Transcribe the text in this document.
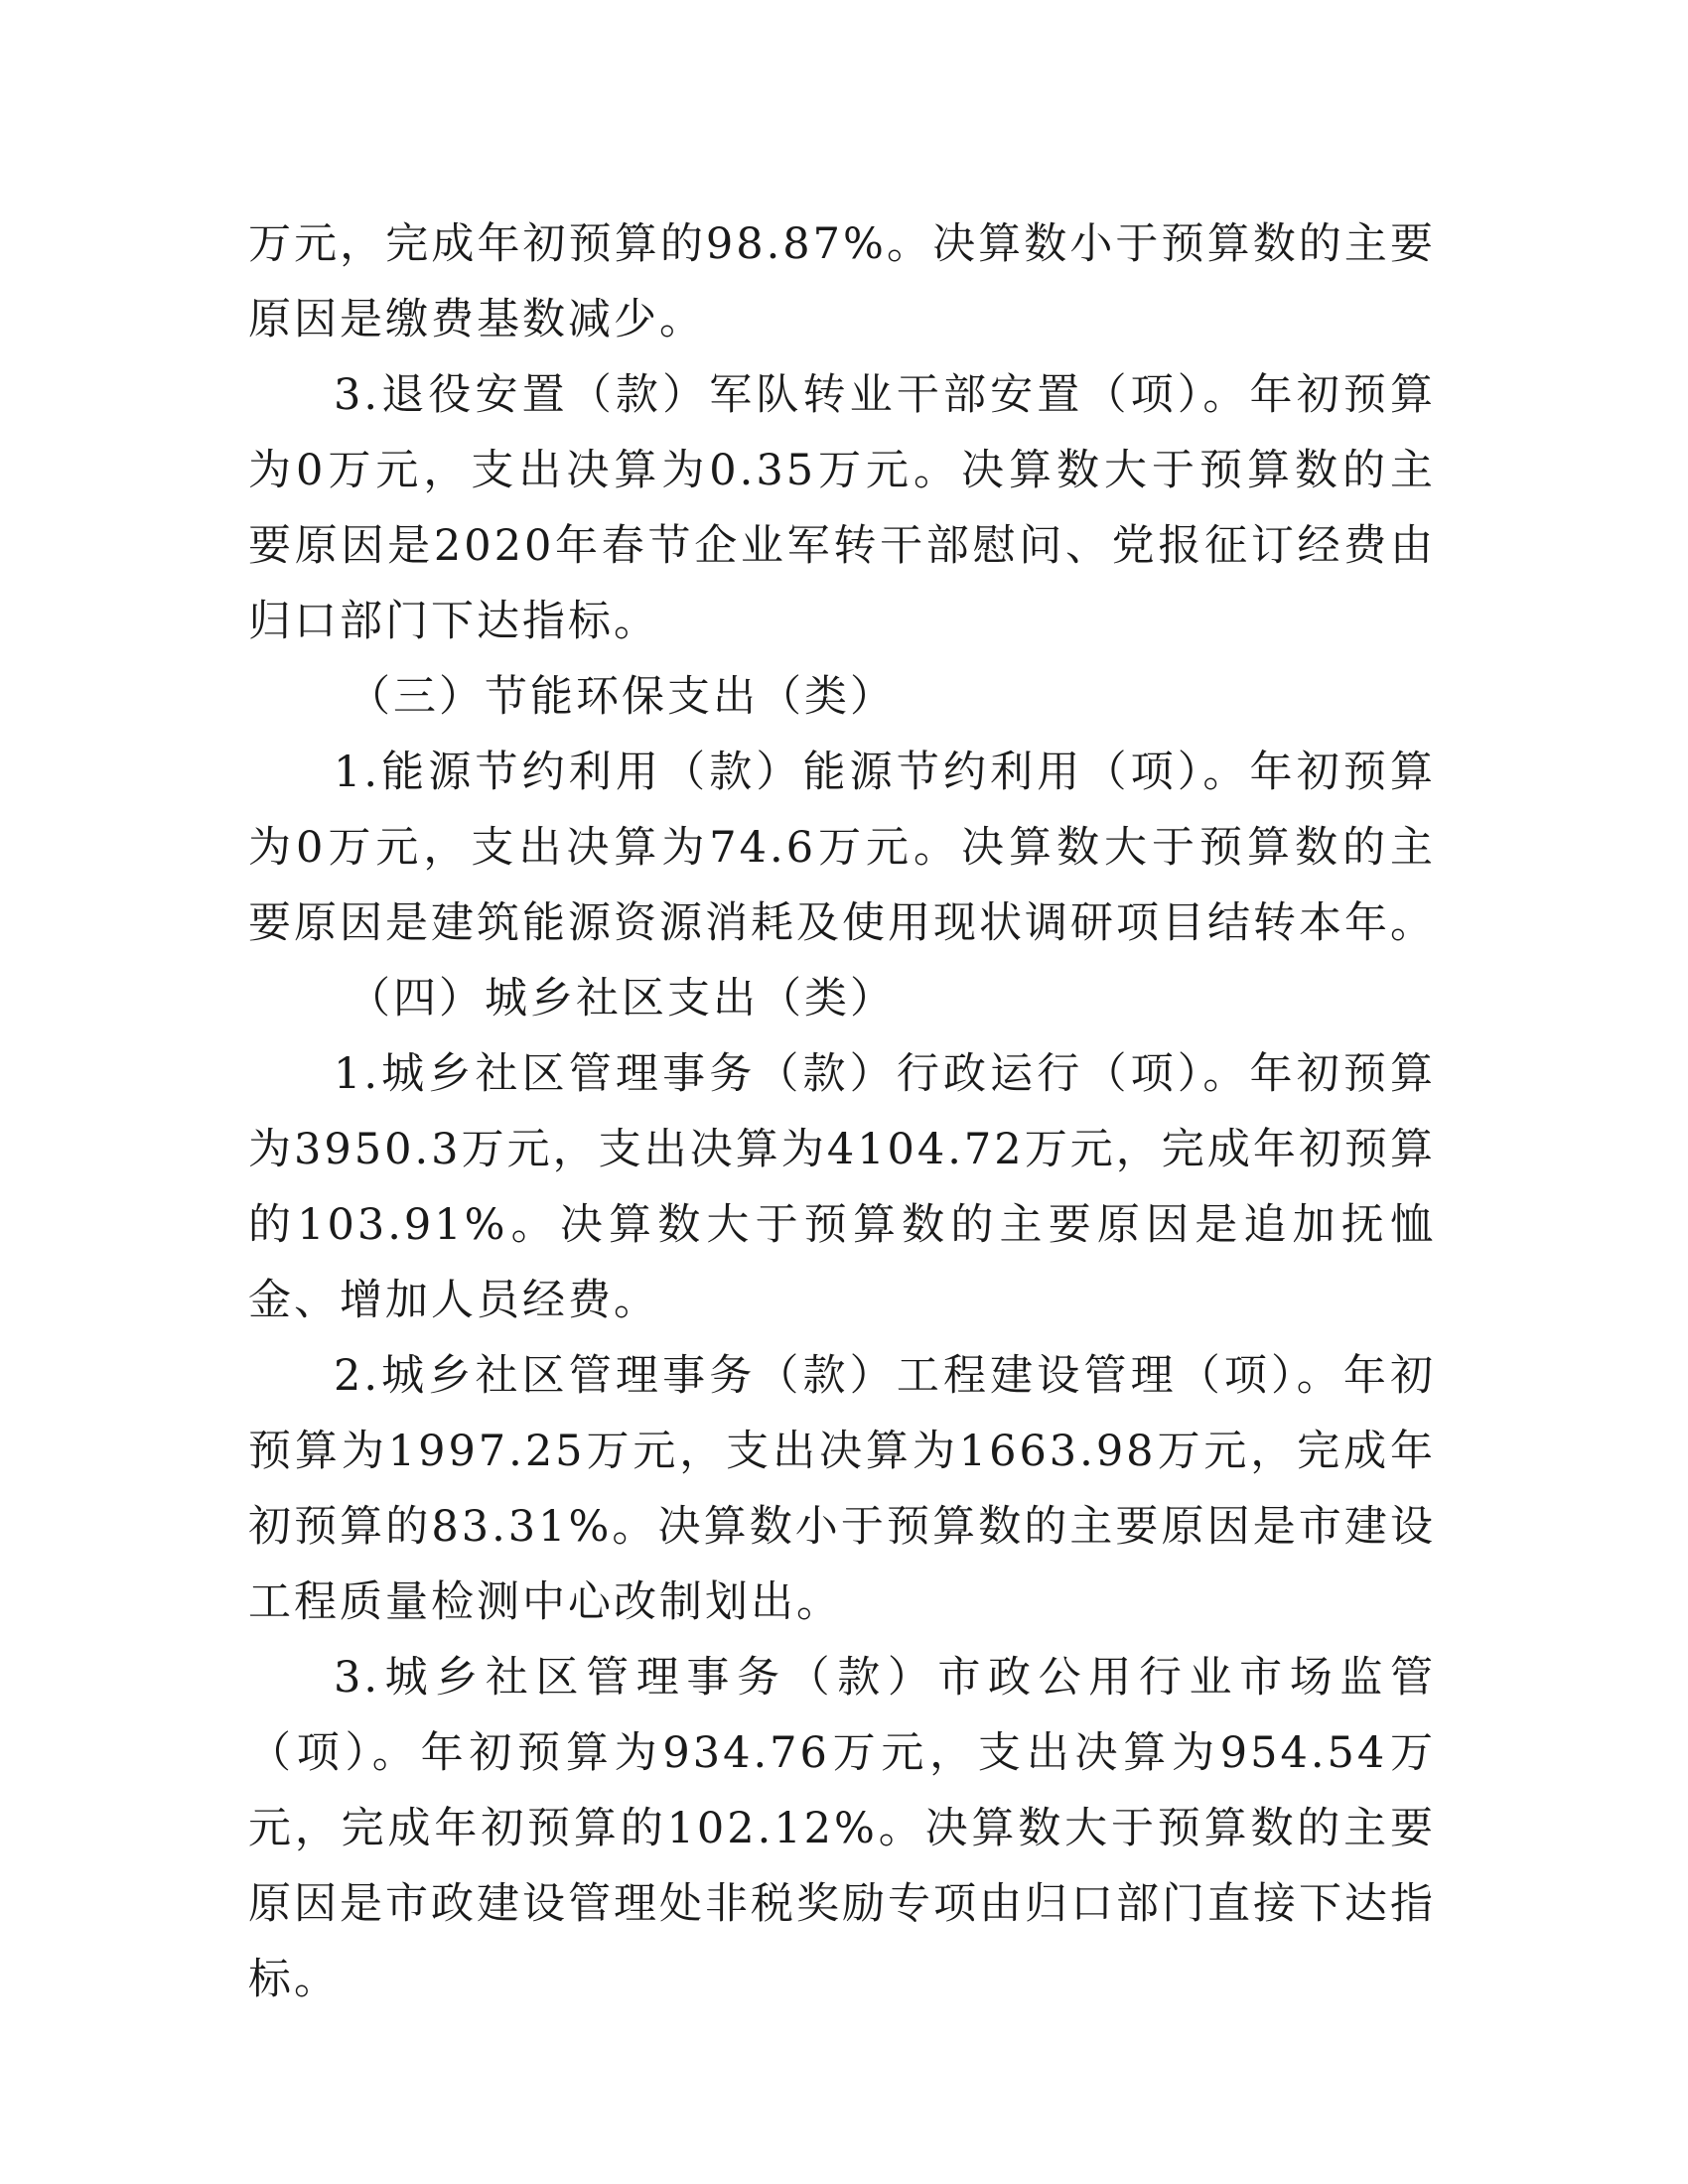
万元，完成年初预算的98.87%。决算数小于预算数的主要原因是缴费基数减少。

3.退役安置（款）军队转业干部安置（项）。年初预算为0万元，支出决算为0.35万元。决算数大于预算数的主要原因是2020年春节企业军转干部慰问、党报征订经费由归口部门下达指标。

（三）节能环保支出（类）

1.能源节约利用（款）能源节约利用（项）。年初预算为0万元，支出决算为74.6万元。决算数大于预算数的主要原因是建筑能源资源消耗及使用现状调研项目结转本年。

（四）城乡社区支出（类）

1.城乡社区管理事务（款）行政运行（项）。年初预算为3950.3万元，支出决算为4104.72万元，完成年初预算的103.91%。决算数大于预算数的主要原因是追加抚恤金、增加人员经费。

2.城乡社区管理事务（款）工程建设管理（项）。年初预算为1997.25万元，支出决算为1663.98万元，完成年初预算的83.31%。决算数小于预算数的主要原因是市建设工程质量检测中心改制划出。

3.城乡社区管理事务（款）市政公用行业市场监管（项）。年初预算为934.76万元，支出决算为954.54万元，完成年初预算的102.12%。决算数大于预算数的主要原因是市政建设管理处非税奖励专项由归口部门直接下达指标。
